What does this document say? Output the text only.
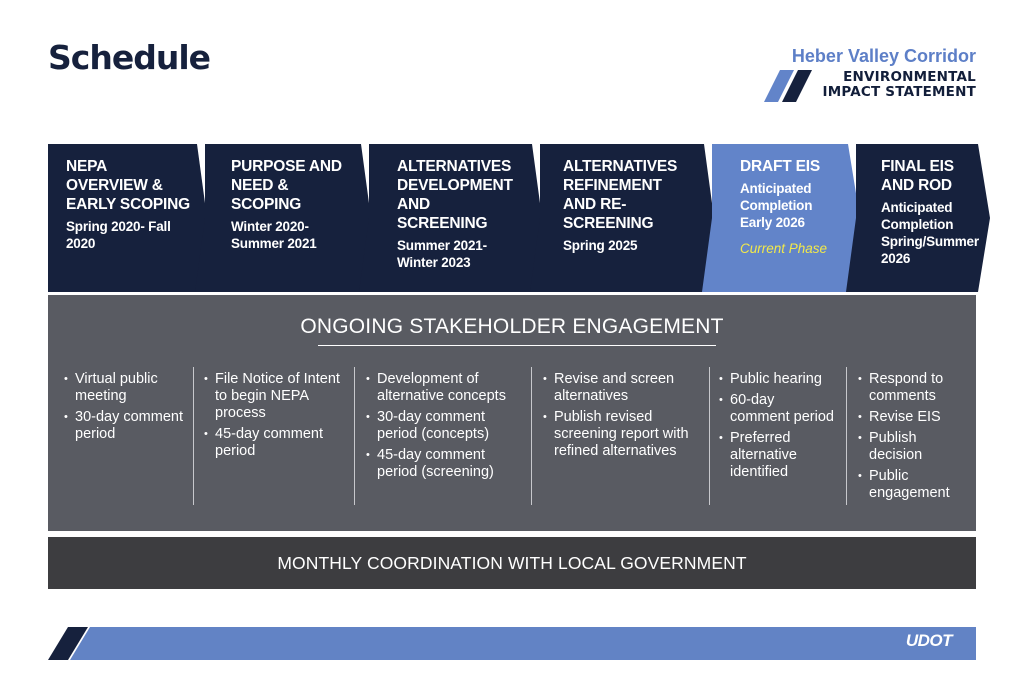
Schedule	Heber Valley Corridor
ENVIRONMENTAL
IMPACT STATEMENT
NEPA OVERVIEW & EARLY SCOPING
Spring 2020- Fall 2020
PURPOSE AND NEED & SCOPING
Winter 2020- Summer 2021
ALTERNATIVES DEVELOPMENT AND SCREENING
Summer 2021- Winter 2023
ALTERNATIVES REFINEMENT AND RE-SCREENING
Spring 2025
DRAFT EIS
Anticipated Completion Early 2026
Current Phase
FINAL EIS AND ROD
Anticipated Completion Spring/Summer 2026
ONGOING STAKEHOLDER ENGAGEMENT
• Virtual public meeting
• 30-day comment period
• File Notice of Intent to begin NEPA process
• 45-day comment period
• Development of alternative concepts
• 30-day comment period (concepts)
• 45-day comment period (screening)
• Revise and screen alternatives
• Publish revised screening report with refined alternatives
• Public hearing
• 60-day comment period
• Preferred alternative identified
• Respond to comments
• Revise EIS
• Publish decision
• Public engagement
MONTHLY COORDINATION WITH LOCAL GOVERNMENT
UDOT
